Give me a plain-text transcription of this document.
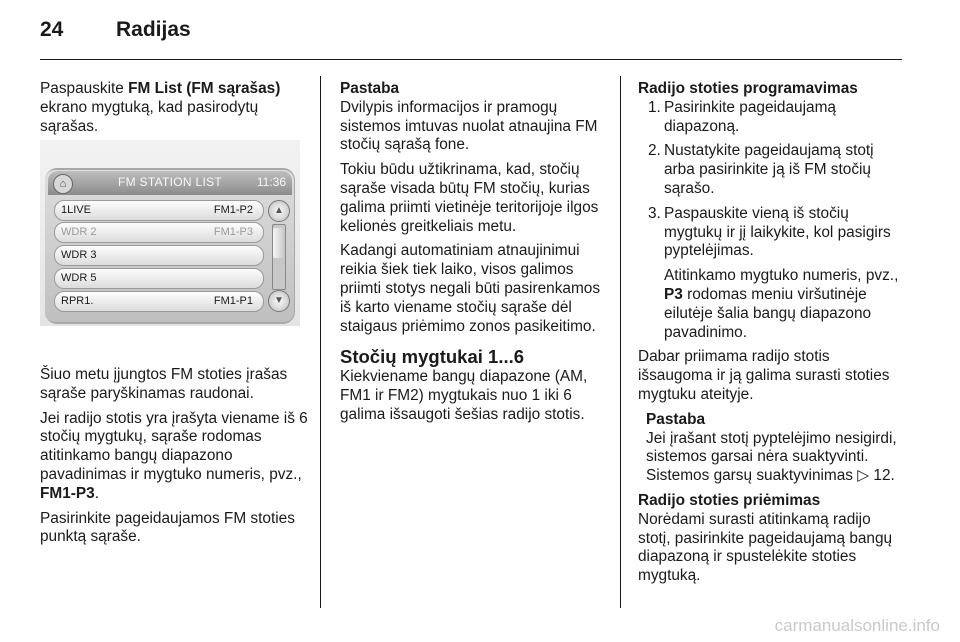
24	Radijas

Paspauskite FM List (FM sąrašas) ekrano mygtuką, kad pasirodytų sąrašas.

⌂	FM STATION LIST	11:36
1LIVE	FM1-P2
WDR 2	FM1-P3
WDR 3
WDR 5
RPR1.	FM1-P1
▲
▼

Šiuo metu įjungtos FM stoties įrašas sąraše paryškinamas raudonai.

Jei radijo stotis yra įrašyta viename iš 6 stočių mygtukų, sąraše rodomas atitinkamo bangų diapazono pavadinimas ir mygtuko numeris, pvz., FM1-P3.

Pasirinkite pageidaujamos FM stoties punktą sąraše.

Pastaba

Dvilypis informacijos ir pramogų sistemos imtuvas nuolat atnaujina FM stočių sąrašą fone.

Tokiu būdu užtikrinama, kad, stočių sąraše visada būtų FM stočių, kurias galima priimti vietinėje teritorijoje ilgos kelionės greitkeliais metu.

Kadangi automatiniam atnaujinimui reikia šiek tiek laiko, visos galimos priimti stotys negali būti pasirenkamos iš karto viename stočių sąraše dėl staigaus priėmimo zonos pasikeitimo.

Stočių mygtukai 1...6

Kiekviename bangų diapazone (AM, FM1 ir FM2) mygtukais nuo 1 iki 6 galima išsaugoti šešias radijo stotis.

Radijo stoties programavimas
1. Pasirinkite pageidaujamą diapazoną.
2. Nustatykite pageidaujamą stotį arba pasirinkite ją iš FM stočių sąrašo.
3. Paspauskite vieną iš stočių mygtukų ir jį laikykite, kol pasigirs pyptelėjimas.

Atitinkamo mygtuko numeris, pvz., P3 rodomas meniu viršutinėje eilutėje šalia bangų diapazono pavadinimo.

Dabar priimama radijo stotis išsaugoma ir ją galima surasti stoties mygtuku ateityje.

Pastaba
Jei įrašant stotį pyptelėjimo nesigirdi, sistemos garsai nėra suaktyvinti. Sistemos garsų suaktyvinimas ▷ 12.
Radijo stoties priėmimas

Norėdami surasti atitinkamą radijo stotį, pasirinkite pageidaujamą bangų diapazoną ir spustelėkite stoties mygtuką.

carmanualsonline.info
